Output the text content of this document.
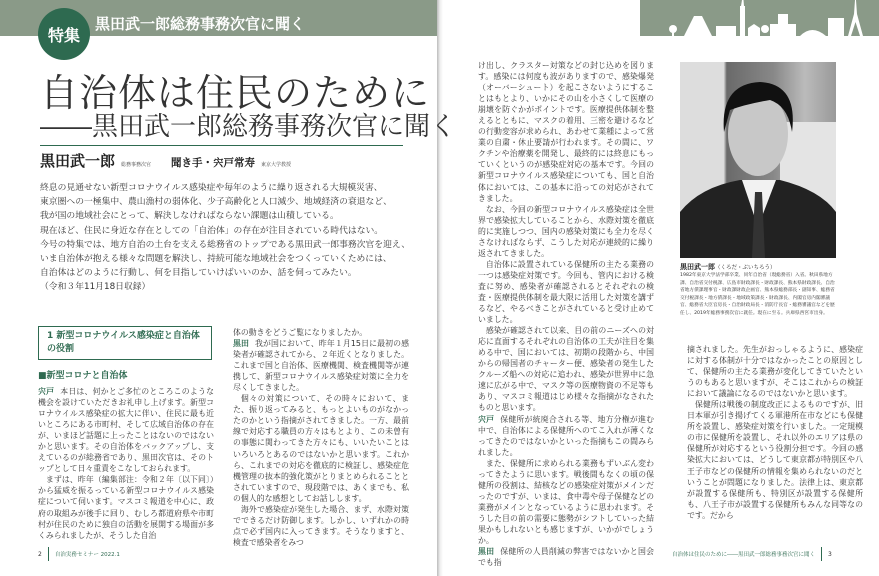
特集
黒田武一郎総務事務次官に聞く
自治体は住民のために
――黒田武一郎総務事務次官に聞く
黒田武一郎 総務事務次官 聞き手・宍戸常寿 東京大学教授
終息の見通せない新型コロナウイルス感染症や毎年のように繰り返される大規模災害、
東京圏への一極集中、農山漁村の弱体化、少子高齢化と人口減少、地域経済の衰退など、
我が国の地域社会にとって、解決しなければならない課題は山積している。
現在ほど、住民に身近な存在としての「自治体」の存在が注目されている時代はない。
今号の特集では、地方自治の土台を支える総務省のトップである黒田武一郎事務次官を迎え、
いま自治体が抱える様々な問題を解決し、持続可能な地域社会をつくっていくためには、
自治体はどのように行動し、何を目指していけばいいのか、話を伺ってみたい。
（令和３年11月18日収録）
1 新型コロナウイルス感染症と自治体の役割
■新型コロナと自治体

宍戸 本日は、何かとご多忙のところこのような機会を設けていただきお礼申し上げます。新型コロナウイルス感染症の拡大に伴い、住民に最も近いところにある市町村、そして広域自治体の存在が、いまほど話題に上ったことはないのではないかと思います。その自治体をバックアップし、支えているのが総務省であり、黒田次官は、そのトップとして日々重責をこなしておられます。

まずは、昨年（編集部注：令和２年〔以下同〕）から猛威を振るっている新型コロナウイルス感染症について伺います。マスコミ報道を中心に、政府の取組みが後手に回り、むしろ都道府県や市町村が住民のために独自の活動を展開する場面が多くみられましたが、そうした自治

体の動きをどうご覧になりましたか。

黒田 我が国において、昨年１月15日に最初の感染者が確認されてから、２年近くとなりました。これまで国と自治体、医療機関、検査機関等が連携して、新型コロナウイルス感染症対策に全力を尽くしてきました。

個々の対策について、その時々において、また、振り返ってみると、もっとよいものがなかったのかという指摘がされてきました。一方、最前線で対応する職員の方々はもとより、この未曽有の事態に関わってきた方々にも、いいたいことはいろいろとあるのではないかと思います。これから、これまでの対応を徹底的に検証し、感染症危機管理の抜本的強化策がとりまとめられることとされていますので、現段階では、あくまでも、私の個人的な感想としてお話しします。

海外で感染症が発生した場合、まず、水際対策でできるだけ防御します。しかし、いずれかの時点で必ず国内に入ってきます。そうなりますと、検査で感染者をみつ

け出し、クラスター対策などの封じ込めを図ります。感染には何度も波がありますので、感染爆発（オーバーシュート）を起こさないようにすることはもとより、いかにその山を小さくして医療の崩壊を防ぐかがポイントです。医療提供体制を整えるとともに、マスクの着用、三密を避けるなどの行動変容が求められ、あわせて業種によって営業の自粛・休止要請が行われます。その間に、ワクチンや治療薬を開発し、最終的には終息にもっていくというのが感染症対応の基本です。今回の新型コロナウイルス感染症についても、国と自治体においては、この基本に沿っての対応がされてきました。

なお、今回の新型コロナウイルス感染症は全世界で感染拡大していることから、水際対策を徹底的に実施しつつ、国内の感染対策にも全力を尽くさなければならず、こうした対応が連続的に繰り返されてきました。

自治体に設置されている保健所の主たる業務の一つは感染症対策です。今回も、管内における検査に努め、感染者が確認されるとそれぞれの検査・医療提供体制を最大限に活用した対策を講ずるなど、やるべきことがされていると受け止めていました。

感染が確認されて以来、目の前のニーズへの対応に直面するそれぞれの自治体の工夫が注目を集める中で、国においては、初期の段階から、中国からの帰国者のチャーター便、感染者の発生したクルーズ船への対応に追われ、感染が世界中に急速に広がる中で、マスク等の医療物資の不足等もあり、マスコミ報道はじめ様々な指摘がなされたものと思います。

宍戸 保健所が統廃合される等、地方分権が進む中で、自治体による保健所へのてこ入れが薄くなってきたのではないかといった指摘もこの間みられました。

また、保健所に求められる業務もずいぶん変わってきたように思います。戦後間もなくの頃の保健所の役割は、結核などの感染症対策がメインだったのですが、いまは、食中毒や母子保健などの業務がメインとなっているように思われます。そうした目の前の需要に態勢がシフトしていった結果かもしれないとも感じますが、いかがでしょうか。

黒田 保健所の人員削減の弊害ではないかと国会でも指

摘されました。先生がおっしゃるように、感染症に対する体制が十分ではなかったことの原因として、保健所の主たる業務が変化してきていたというのもあると思いますが、そこはこれからの検証において議論になるのではないかと思います。

保健所は戦後の制度改正によるものですが、旧日本軍が引き揚げてくる軍港所在市などにも保健所を設置し、感染症対策を行いました。一定規模の市に保健所を設置し、それ以外のエリアは県の保健所が対応するという役割分担です。今回の感染拡大においては、どうして東京都が特別区や八王子市などの保健所の情報を集められないのだということが問題になりました。法律上は、東京都が設置する保健所も、特別区が設置する保健所も、八王子市が設置する保健所もみんな同等なのです。だから

黒田武一郎（くろだ・ぶいちろう）
1982年東京大学法学部卒業、同年自治省（現総務省）入省。秋田県地方課、自治省交付税課、広島市財政課長・財政課長、熊本県財政課長、自治省地方債課理事官・財政課財政企画官、熊本県総務部長・副知事、総務省交付税課長・地方債課長・地域政策課長・財政課長、内閣官房内閣審議官、総務省大臣官房長・自治財政局長・消防庁長官・総務審議官などを歴任し、2019年総務事務次官に就任。現在に至る。兵庫県西宮市出身。
2 自治実務セミナー 2022.1	自治体は住民のために――黒田武一郎総務事務次官に聞く 3
